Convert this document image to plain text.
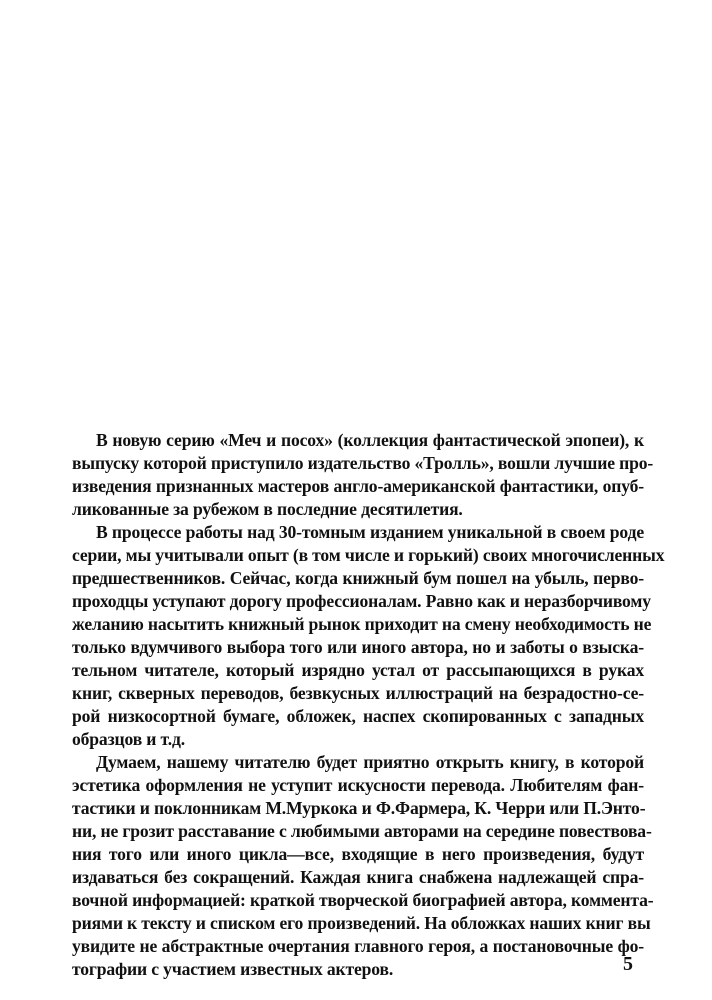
В новую серию «Меч и посох» (коллекция фантастической эпопеи), к
выпуску которой приступило издательство «Тролль», вошли лучшие про-
изведения признанных мастеров англо-американской фантастики, опуб-
ликованные за рубежом в последние десятилетия.
В процессе работы над 30-томным изданием уникальной в своем роде
серии, мы учитывали опыт (в том числе и горький) своих многочисленных
предшественников. Сейчас, когда книжный бум пошел на убыль, перво-
проходцы уступают дорогу профессионалам. Равно как и неразборчивому
желанию насытить книжный рынок приходит на смену необходимость не
только вдумчивого выбора того или иного автора, но и заботы о взыска-
тельном читателе, который изрядно устал от рассыпающихся в руках
книг, скверных переводов, безвкусных иллюстраций на безрадостно-се-
рой низкосортной бумаге, обложек, наспех скопированных с западных
образцов и т.д.
Думаем, нашему читателю будет приятно открыть книгу, в которой
эстетика оформления не уступит искусности перевода. Любителям фан-
тастики и поклонникам М.Муркока и Ф.Фармера, К. Черри или П.Энто-
ни, не грозит расставание с любимыми авторами на середине повествова-
ния того или иного цикла—все, входящие в него произведения, будут
издаваться без сокращений. Каждая книга снабжена надлежащей спра-
вочной информацией: краткой творческой биографией автора, коммента-
риями к тексту и списком его произведений. На обложках наших книг вы
увидите не абстрактные очертания главного героя, а постановочные фо-
тографии с участием известных актеров.	5
